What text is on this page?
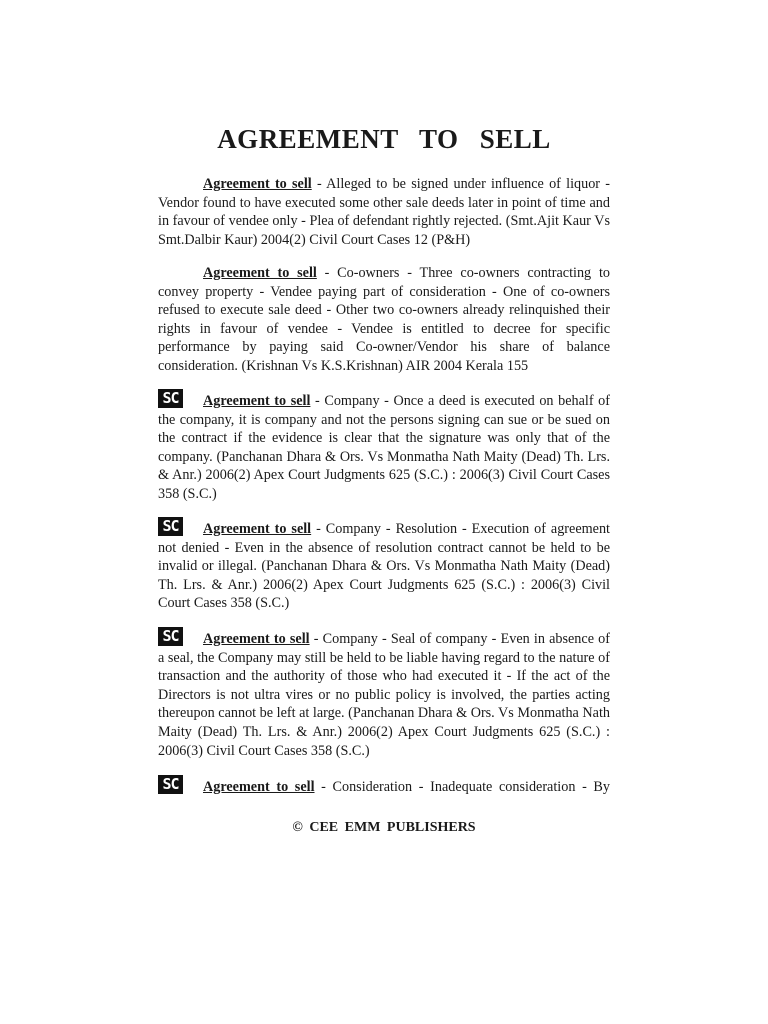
AGREEMENT TO SELL

Agreement to sell - Alleged to be signed under influence of liquor - Vendor found to have executed some other sale deeds later in point of time and in favour of vendee only - Plea of defendant rightly rejected. (Smt.Ajit Kaur Vs Smt.Dalbir Kaur) 2004(2) Civil Court Cases 12 (P&H)

Agreement to sell - Co-owners - Three co-owners contracting to convey property - Vendee paying part of consideration - One of co-owners refused to execute sale deed - Other two co-owners already relinquished their rights in favour of vendee - Vendee is entitled to decree for specific performance by paying said Co-owner/Vendor his share of balance consideration. (Krishnan Vs K.S.Krishnan) AIR 2004 Kerala 155

SC	Agreement to sell - Company - Once a deed is executed on behalf of the company, it is company and not the persons signing can sue or be sued on the contract if the evidence is clear that the signature was only that of the company. (Panchanan Dhara & Ors. Vs Monmatha Nath Maity (Dead) Th. Lrs. & Anr.) 2006(2) Apex Court Judgments 625 (S.C.) : 2006(3) Civil Court Cases 358 (S.C.)

SC	Agreement to sell - Company - Resolution - Execution of agreement not denied - Even in the absence of resolution contract cannot be held to be invalid or illegal. (Panchanan Dhara & Ors. Vs Monmatha Nath Maity (Dead) Th. Lrs. & Anr.) 2006(2) Apex Court Judgments 625 (S.C.) : 2006(3) Civil Court Cases 358 (S.C.)

SC	Agreement to sell - Company - Seal of company - Even in absence of a seal, the Company may still be held to be liable having regard to the nature of transaction and the authority of those who had executed it - If the act of the Directors is not ultra vires or no public policy is involved, the parties acting thereupon cannot be left at large. (Panchanan Dhara & Ors. Vs Monmatha Nath Maity (Dead) Th. Lrs. & Anr.) 2006(2) Apex Court Judgments 625 (S.C.) : 2006(3) Civil Court Cases 358 (S.C.)

SC	Agreement to sell - Consideration - Inadequate consideration - By

© CEE EMM PUBLISHERS
